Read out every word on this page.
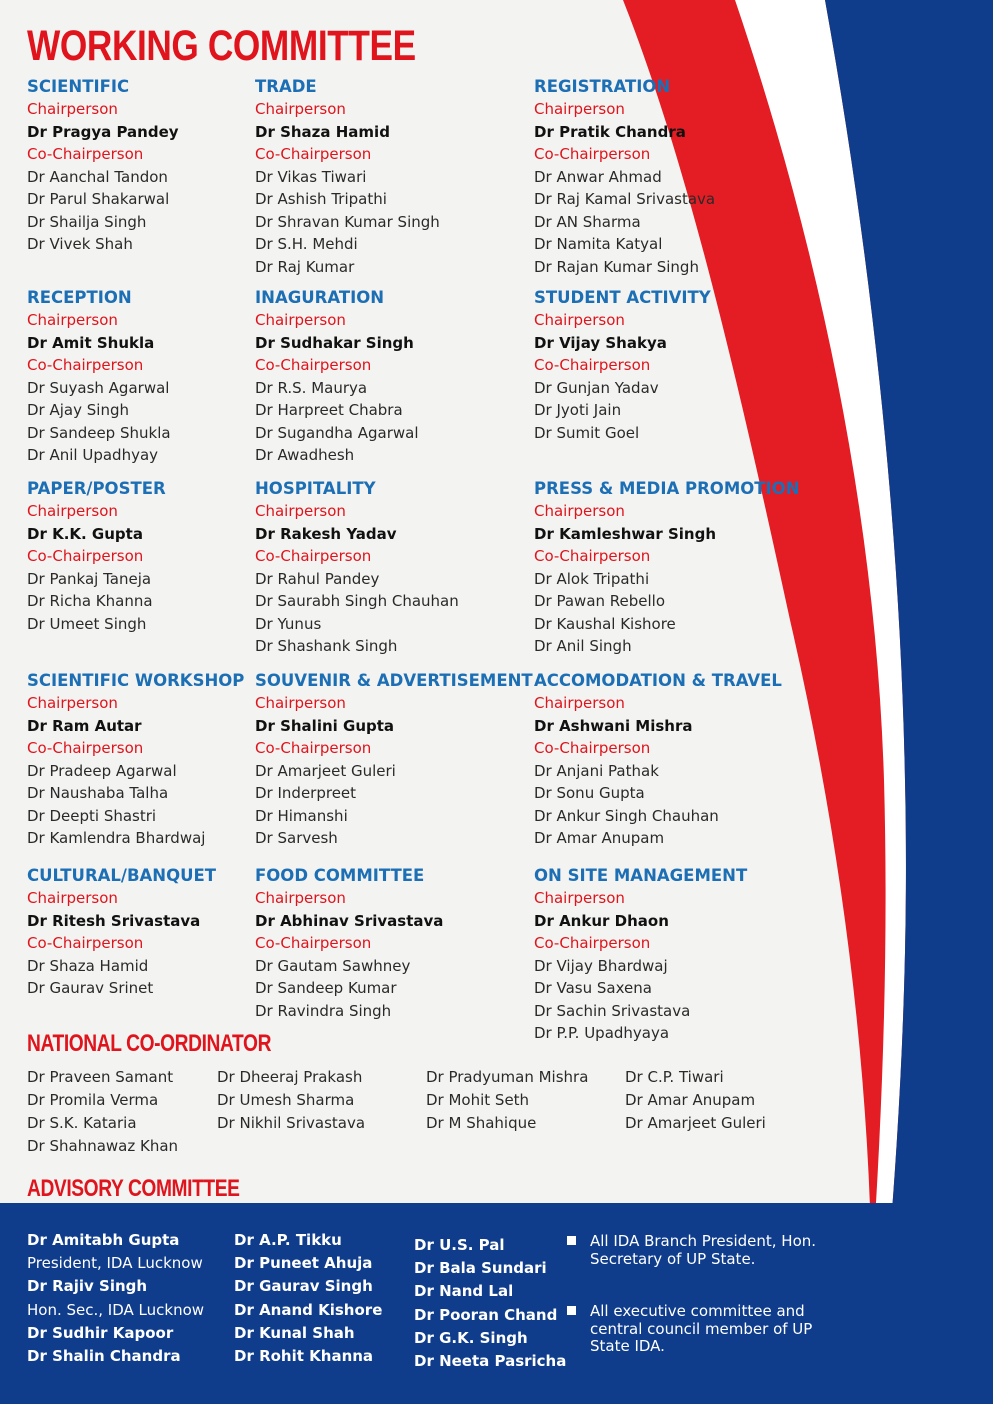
WORKING COMMITTEE
SCIENTIFIC
Chairperson
Dr Pragya Pandey
Co-Chairperson
Dr Aanchal Tandon
Dr Parul Shakarwal
Dr Shailja Singh
Dr Vivek Shah
TRADE
Chairperson
Dr Shaza Hamid
Co-Chairperson
Dr Vikas Tiwari
Dr Ashish Tripathi
Dr Shravan Kumar Singh
Dr S.H. Mehdi
Dr Raj Kumar
REGISTRATION
Chairperson
Dr Pratik Chandra
Co-Chairperson
Dr Anwar Ahmad
Dr Raj Kamal Srivastava
Dr AN Sharma
Dr Namita Katyal
Dr Rajan Kumar Singh
RECEPTION
Chairperson
Dr Amit Shukla
Co-Chairperson
Dr Suyash Agarwal
Dr Ajay Singh
Dr Sandeep Shukla
Dr Anil Upadhyay
INAGURATION
Chairperson
Dr Sudhakar Singh
Co-Chairperson
Dr R.S. Maurya
Dr Harpreet Chabra
Dr Sugandha Agarwal
Dr Awadhesh
STUDENT ACTIVITY
Chairperson
Dr Vijay Shakya
Co-Chairperson
Dr Gunjan Yadav
Dr Jyoti Jain
Dr Sumit Goel
PAPER/POSTER
Chairperson
Dr K.K. Gupta
Co-Chairperson
Dr Pankaj Taneja
Dr Richa Khanna
Dr Umeet Singh
HOSPITALITY
Chairperson
Dr Rakesh Yadav
Co-Chairperson
Dr Rahul Pandey
Dr Saurabh Singh Chauhan
Dr Yunus
Dr Shashank Singh
PRESS & MEDIA PROMOTION
Chairperson
Dr Kamleshwar Singh
Co-Chairperson
Dr Alok Tripathi
Dr Pawan Rebello
Dr Kaushal Kishore
Dr Anil Singh
SCIENTIFIC WORKSHOP
Chairperson
Dr Ram Autar
Co-Chairperson
Dr Pradeep Agarwal
Dr Naushaba Talha
Dr Deepti Shastri
Dr Kamlendra Bhardwaj
SOUVENIR & ADVERTISEMENT
Chairperson
Dr Shalini Gupta
Co-Chairperson
Dr Amarjeet Guleri
Dr Inderpreet
Dr Himanshi
Dr Sarvesh
ACCOMODATION & TRAVEL
Chairperson
Dr Ashwani Mishra
Co-Chairperson
Dr Anjani Pathak
Dr Sonu Gupta
Dr Ankur Singh Chauhan
Dr Amar Anupam
CULTURAL/BANQUET
Chairperson
Dr Ritesh Srivastava
Co-Chairperson
Dr Shaza Hamid
Dr Gaurav Srinet
FOOD COMMITTEE
Chairperson
Dr Abhinav Srivastava
Co-Chairperson
Dr Gautam Sawhney
Dr Sandeep Kumar
Dr Ravindra Singh
ON SITE MANAGEMENT
Chairperson
Dr Ankur Dhaon
Co-Chairperson
Dr Vijay Bhardwaj
Dr Vasu Saxena
Dr Sachin Srivastava
Dr P.P. Upadhyaya
NATIONAL CO-ORDINATOR
Dr Praveen Samant
Dr Promila Verma
Dr S.K. Kataria
Dr Shahnawaz Khan
Dr Dheeraj Prakash
Dr Umesh Sharma
Dr Nikhil Srivastava
Dr Pradyuman Mishra
Dr Mohit Seth
Dr M Shahique
Dr C.P. Tiwari
Dr Amar Anupam
Dr Amarjeet Guleri
ADVISORY COMMITTEE
Dr Amitabh Gupta
President, IDA Lucknow
Dr Rajiv Singh
Hon. Sec., IDA Lucknow
Dr Sudhir Kapoor
Dr Shalin Chandra
Dr A.P. Tikku
Dr Puneet Ahuja
Dr Gaurav Singh
Dr Anand Kishore
Dr Kunal Shah
Dr Rohit Khanna
Dr U.S. Pal
Dr Bala Sundari
Dr Nand Lal
Dr Pooran Chand
Dr G.K. Singh
Dr Neeta Pasricha
All IDA Branch President, Hon. Secretary of UP State.
All executive committee and central council member of UP State IDA.
